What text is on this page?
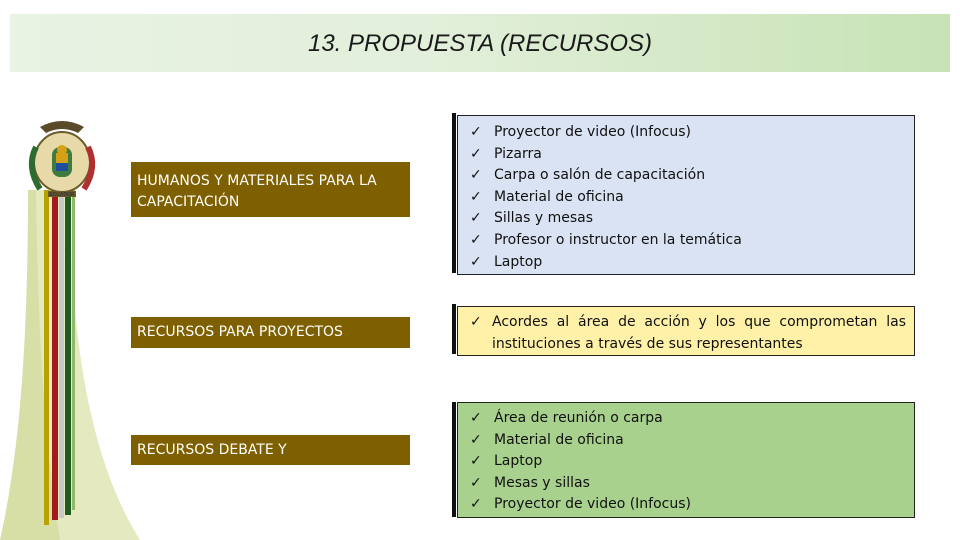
13. PROPUESTA (RECURSOS)
ECUADOR
HUMANOS Y MATERIALES PARA LA CAPACITACIÓN
RECURSOS PARA PROYECTOS
RECURSOS DEBATE Y
✓ Proyector de video (Infocus)
✓ Pizarra
✓ Carpa o salón de capacitación
✓ Material de oficina
✓ Sillas y mesas
✓ Profesor o instructor en la temática
✓ Laptop
✓ Acordes al área de acción y los que comprometan las instituciones a través de sus representantes
✓ Área de reunión o carpa
✓ Material de oficina
✓ Laptop
✓ Mesas y sillas
✓ Proyector de video (Infocus)
